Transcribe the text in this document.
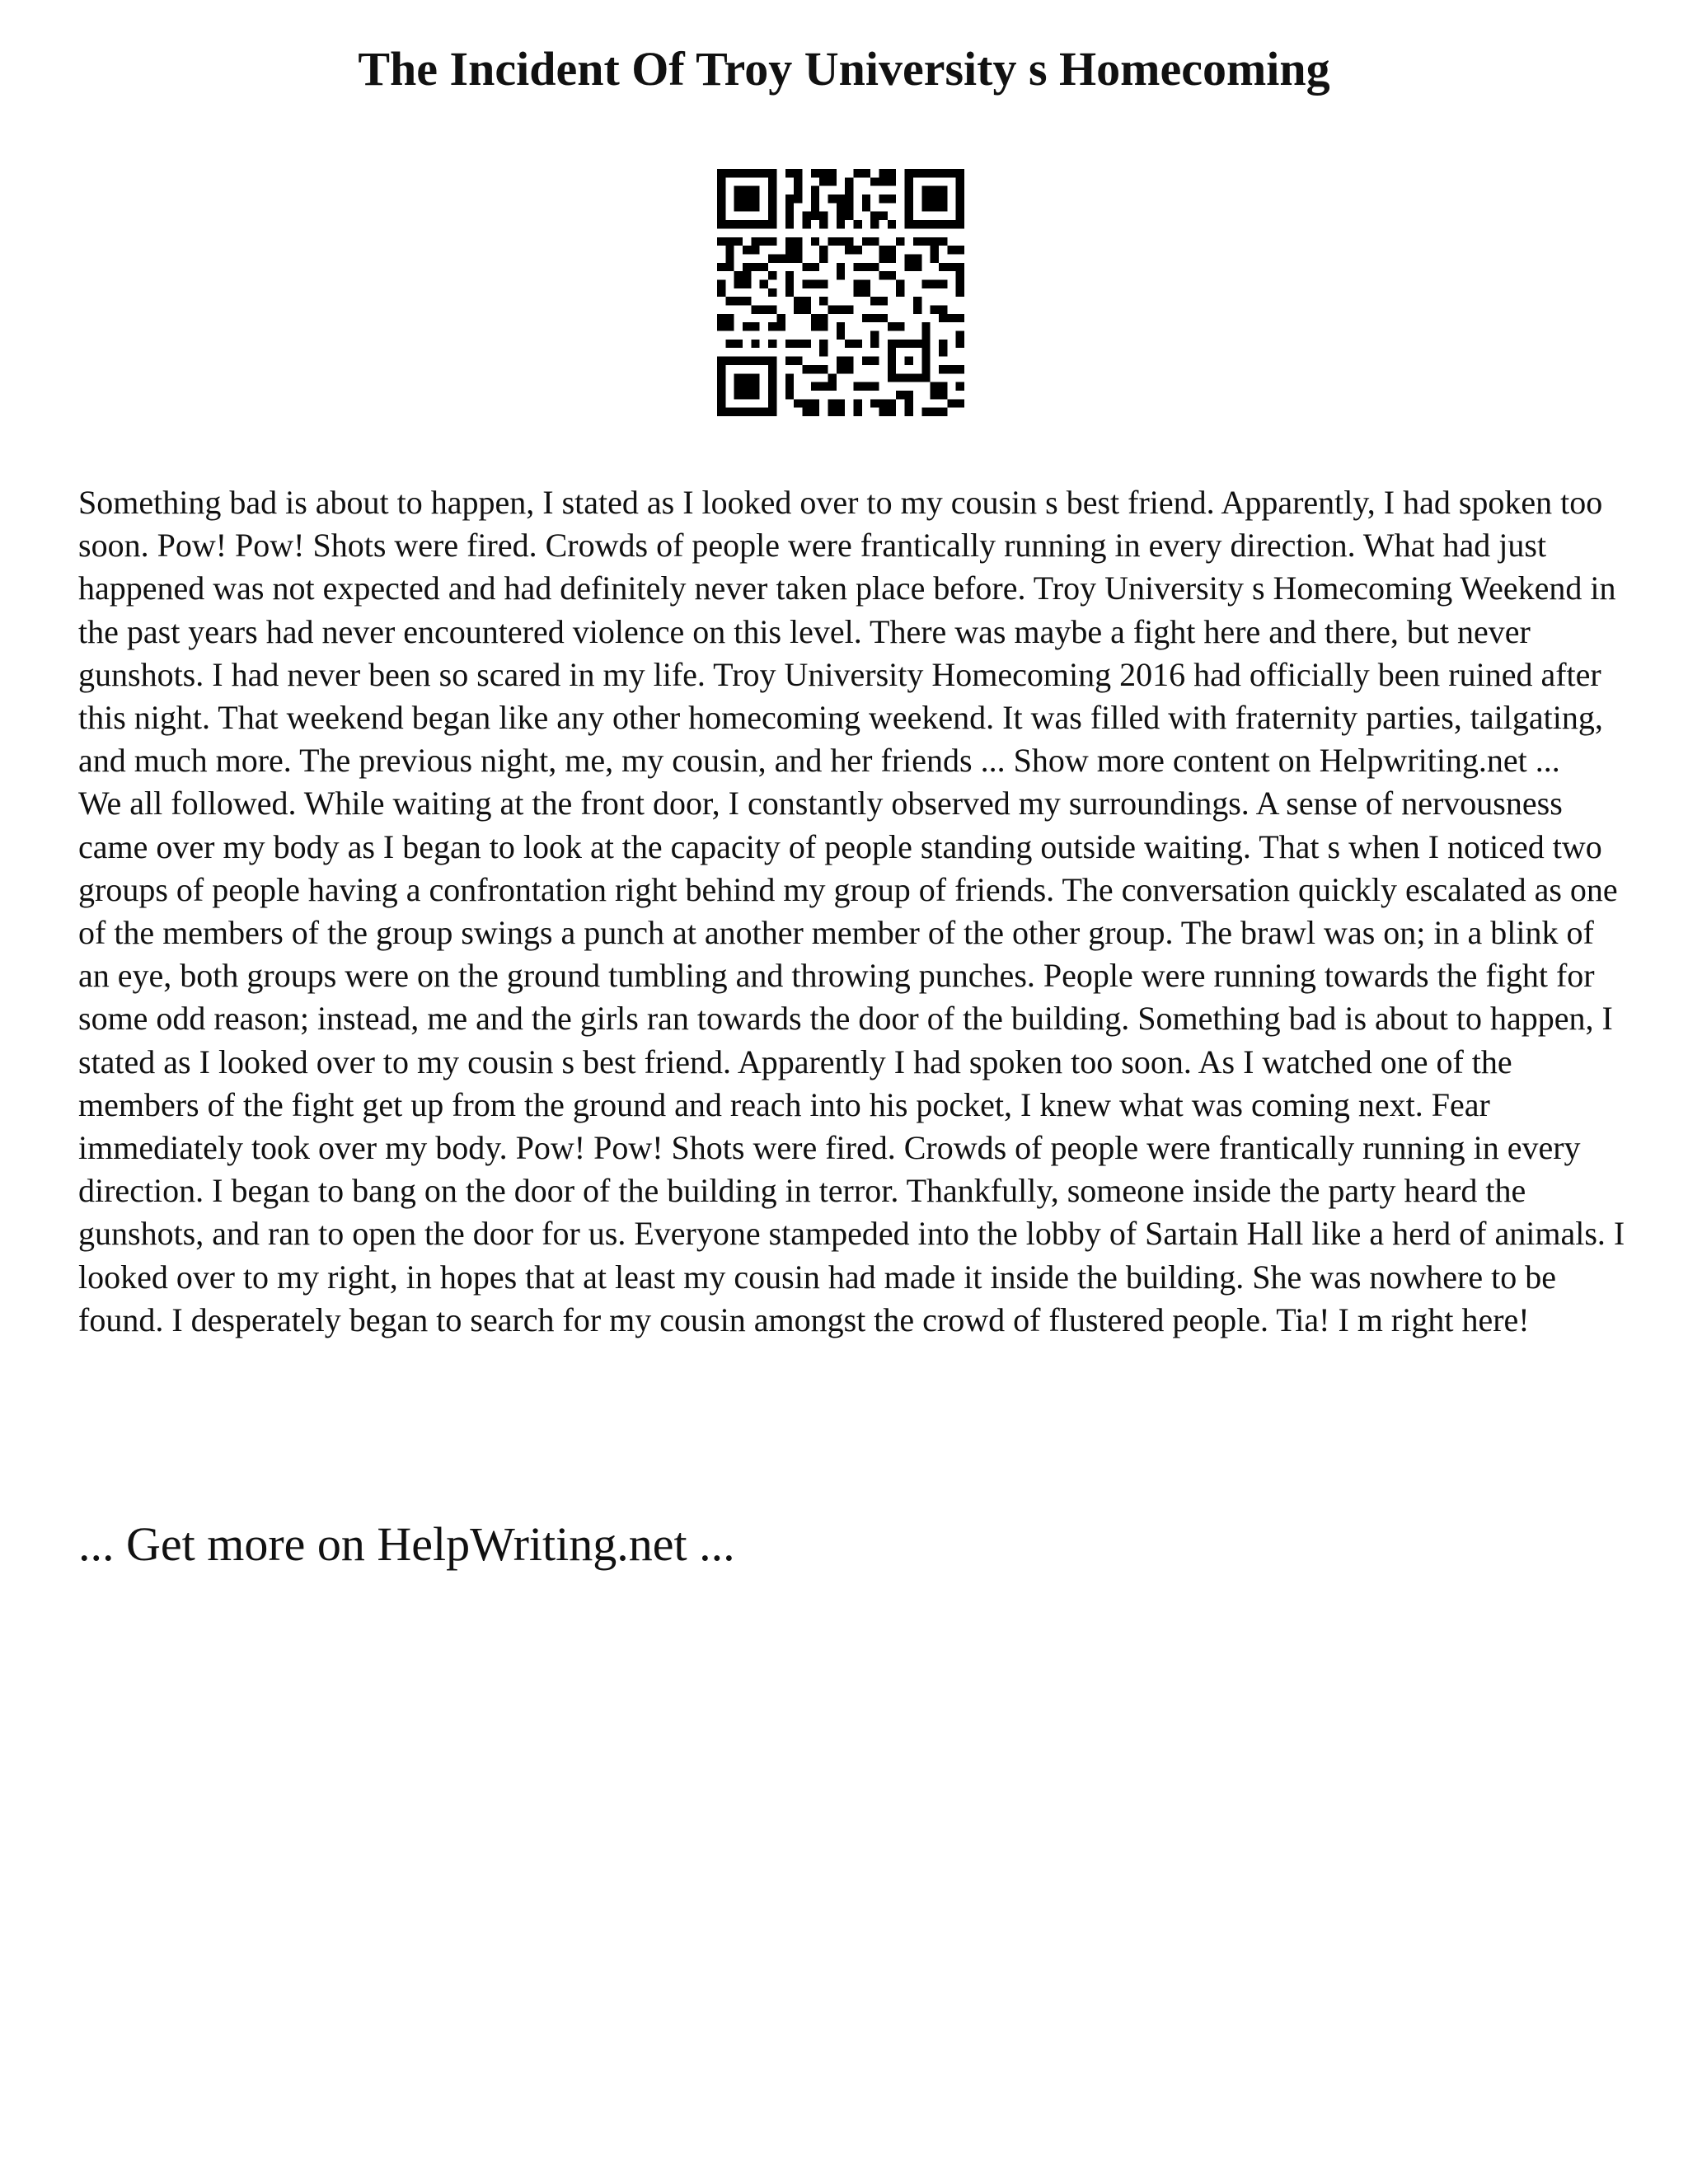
The Incident Of Troy University s Homecoming

Something bad is about to happen, I stated as I looked over to my cousin s best friend. Apparently, I had spoken too soon. Pow! Pow! Shots were fired. Crowds of people were frantically running in every direction. What had just happened was not expected and had definitely never taken place before. Troy University s Homecoming Weekend in the past years had never encountered violence on this level. There was maybe a fight here and there, but never gunshots. I had never been so scared in my life. Troy University Homecoming 2016 had officially been ruined after this night. That weekend began like any other homecoming weekend. It was filled with fraternity parties, tailgating, and much more. The previous night, me, my cousin, and her friends ... Show more content on Helpwriting.net ...
We all followed. While waiting at the front door, I constantly observed my surroundings. A sense of nervousness came over my body as I began to look at the capacity of people standing outside waiting. That s when I noticed two groups of people having a confrontation right behind my group of friends. The conversation quickly escalated as one of the members of the group swings a punch at another member of the other group. The brawl was on; in a blink of an eye, both groups were on the ground tumbling and throwing punches. People were running towards the fight for some odd reason; instead, me and the girls ran towards the door of the building. Something bad is about to happen, I stated as I looked over to my cousin s best friend. Apparently I had spoken too soon. As I watched one of the members of the fight get up from the ground and reach into his pocket, I knew what was coming next. Fear immediately took over my body. Pow! Pow! Shots were fired. Crowds of people were frantically running in every direction. I began to bang on the door of the building in terror. Thankfully, someone inside the party heard the gunshots, and ran to open the door for us. Everyone stampeded into the lobby of Sartain Hall like a herd of animals. I looked over to my right, in hopes that at least my cousin had made it inside the building. She was nowhere to be found. I desperately began to search for my cousin amongst the crowd of flustered people. Tia! I m right here!

... Get more on HelpWriting.net ...
